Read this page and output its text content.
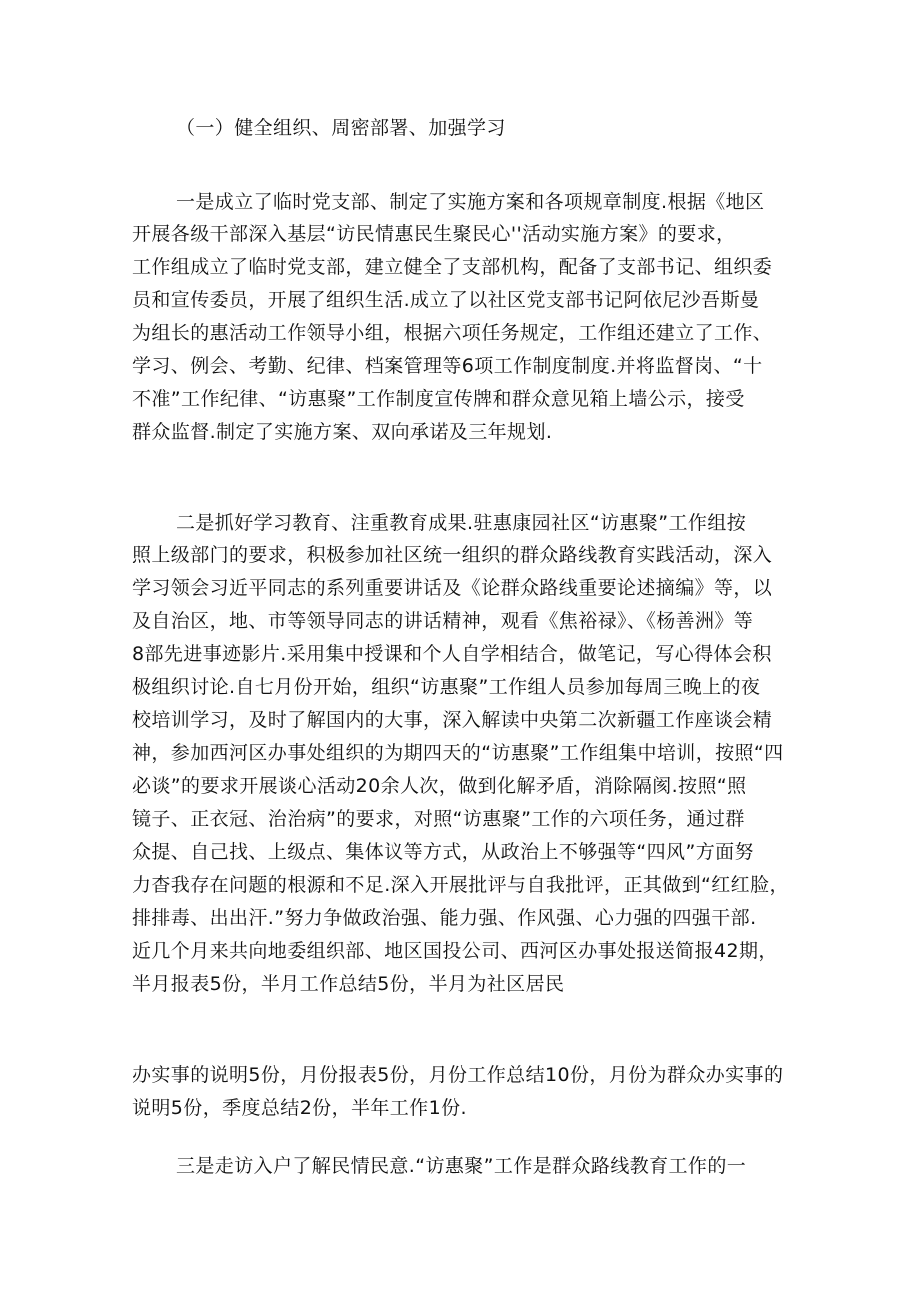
（一）健全组织、周密部署、加强学习
一是成立了临时党支部、制定了实施方案和各项规章制度.根据《地区
开展各级干部深入基层“访民情惠民生聚民心''活动实施方案》的要求，
工作组成立了临时党支部，建立健全了支部机构，配备了支部书记、组织委
员和宣传委员，开展了组织生活.成立了以社区党支部书记阿依尼沙吾斯曼
为组长的惠活动工作领导小组，根据六项任务规定，工作组还建立了工作、
学习、例会、考勤、纪律、档案管理等6项工作制度制度.并将监督岗、“十
不准”工作纪律、“访惠聚”工作制度宣传牌和群众意见箱上墙公示，接受
群众监督.制定了实施方案、双向承诺及三年规划.
二是抓好学习教育、注重教育成果.驻惠康园社区“访惠聚”工作组按
照上级部门的要求，积极参加社区统一组织的群众路线教育实践活动，深入
学习领会习近平同志的系列重要讲话及《论群众路线重要论述摘编》等，以
及自治区，地、市等领导同志的讲话精神，观看《焦裕禄》、《杨善洲》等
8部先进事迹影片.采用集中授课和个人自学相结合，做笔记，写心得体会积
极组织讨论.自七月份开始，组织“访惠聚”工作组人员参加每周三晚上的夜
校培训学习，及时了解国内的大事，深入解读中央第二次新疆工作座谈会精
神，参加西河区办事处组织的为期四天的“访惠聚”工作组集中培训，按照“四
必谈”的要求开展谈心活动20余人次，做到化解矛盾，消除隔阂.按照“照
镜子、正衣冠、治治病”的要求，对照“访惠聚”工作的六项任务，通过群
众提、自己找、上级点、集体议等方式，从政治上不够强等“四风”方面努
力杳我存在问题的根源和不足.深入开展批评与自我批评，正其做到“红红脸，
排排毒、出出汗.”努力争做政治强、能力强、作风强、心力强的四强干部.
近几个月来共向地委组织部、地区国投公司、西河区办事处报送简报42期，
半月报表5份，半月工作总结5份，半月为社区居民
办实事的说明5份，月份报表5份，月份工作总结10份，月份为群众办实事的
说明5份，季度总结2份，半年工作1份.
三是走访入户了解民情民意.“访惠聚”工作是群众路线教育工作的一
